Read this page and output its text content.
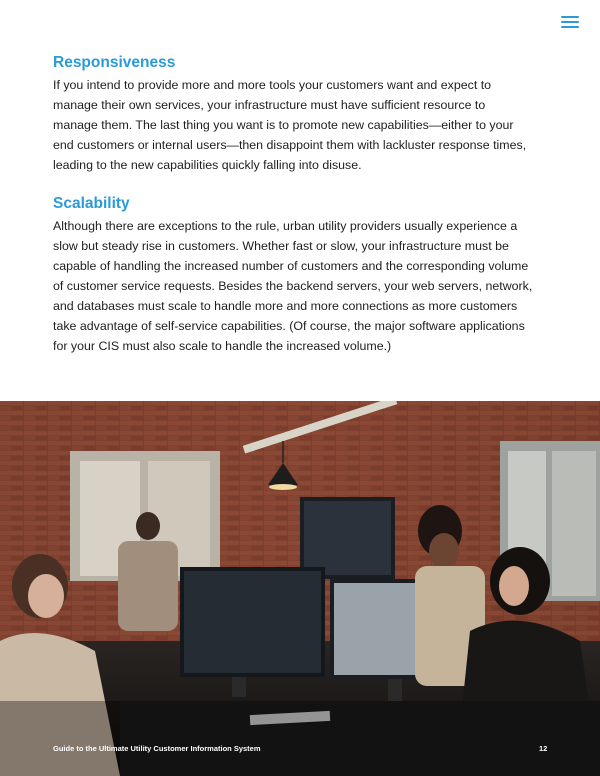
Responsiveness

If you intend to provide more and more tools your customers want and expect to manage their own services, your infrastructure must have sufficient resource to manage them. The last thing you want is to promote new capabilities—either to your end customers or internal users—then disappoint them with lackluster response times, leading to the new capabilities quickly falling into disuse.

Scalability

Although there are exceptions to the rule, urban utility providers usually experience a slow but steady rise in customers. Whether fast or slow, your infrastructure must be capable of handling the increased number of customers and the corresponding volume of customer service requests. Besides the backend servers, your web servers, network, and databases must scale to handle more and more connections as more customers take advantage of self-service capabilities. (Of course, the major software applications for your CIS must also scale to handle the increased volume.)

Guide to the Ultimate Utility Customer Information System	12
